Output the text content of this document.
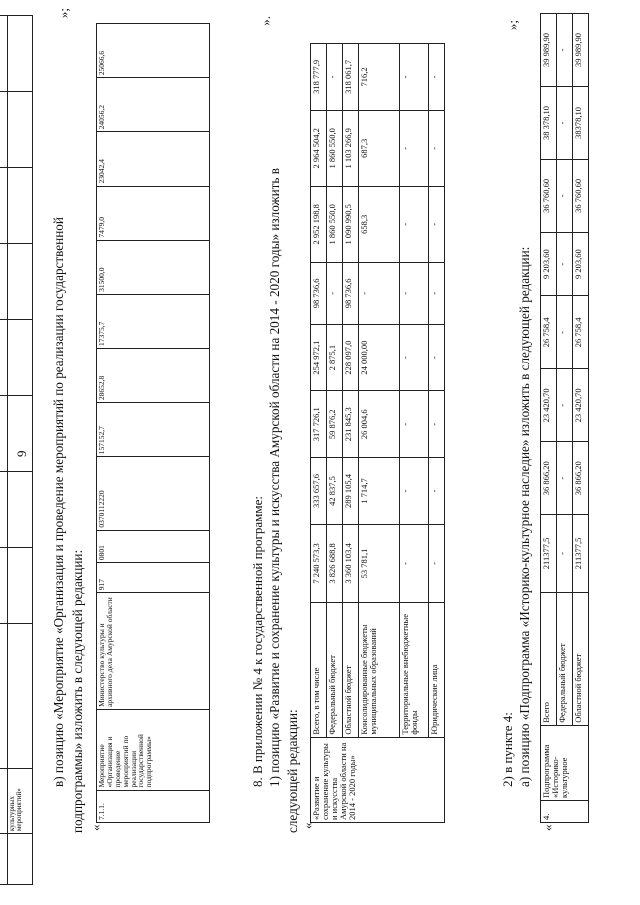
9

	культурных мероприятий»									
в) позицию «Мероприятие «Организация и проведение мероприятий по реализации государственной подпрограммы» изложить в следующей редакции:
»;
«
7.1.1.	Мероприятие «Организация и проведение мероприятий по реализации государственной подпрограммы»	Министерство культуры и архивного дела Амурской области	917	0801	0370112220	157152,7	28652,8	17375,7	31500,0	7479,0	23042,4	24056,2	25066,6
8. В приложении № 4 к государственной программе: 1) позицию «Развитие и сохранение культуры и искусства Амурской области на 2014 - 2020 годы» изложить в следующей редакции:
».
«
«Развитие и сохранение культуры и искусства Амурской области на 2014 - 2020 годы»	Всего, в том числе	7 240 573,3	333 657,6	317 726,1	254 972,1	98 736,6	2 952 198,8	2 964 504,2	318 777,9
	Федеральный бюджет	3 826 688,8	42 837,5	59 876,2	2 875,1	-	1 860 550,0	1 860 550,0	-
	Областной бюджет	3 360 103,4	289 105,4	231 845,3	228 097,0	98 736,6	1 090 990,5	1 103 266,9	318 061,7
	Консолидированные бюджеты муниципальных образований	53 781,1	1 714,7	26 004,6	24 000,00	-	658,3	687,3	716,2
	Территориальные внебюджетные фонды	-	-	-	-	-	-	-	-
	Юридические лица	-	-	-	-	-	-	-	-
2) в пункте 4: а) позицию «Подпрограмма «Историко-культурное наследие» изложить в следующей редакции:
»;
«
4.	Подпрограмма «Историко-культурное	Всего	211377,5	36 866,20	23 420,70	26 758,4	9 203,60	36 760,60	38 378,10	39 989,90
		Федеральный бюджет	-	-	-	-	-	-	-	-
		Областной бюджет	211377,5	36 866,20	23 420,70	26 758,4	9 203,60	36 760,60	38378,10	39 989,90
